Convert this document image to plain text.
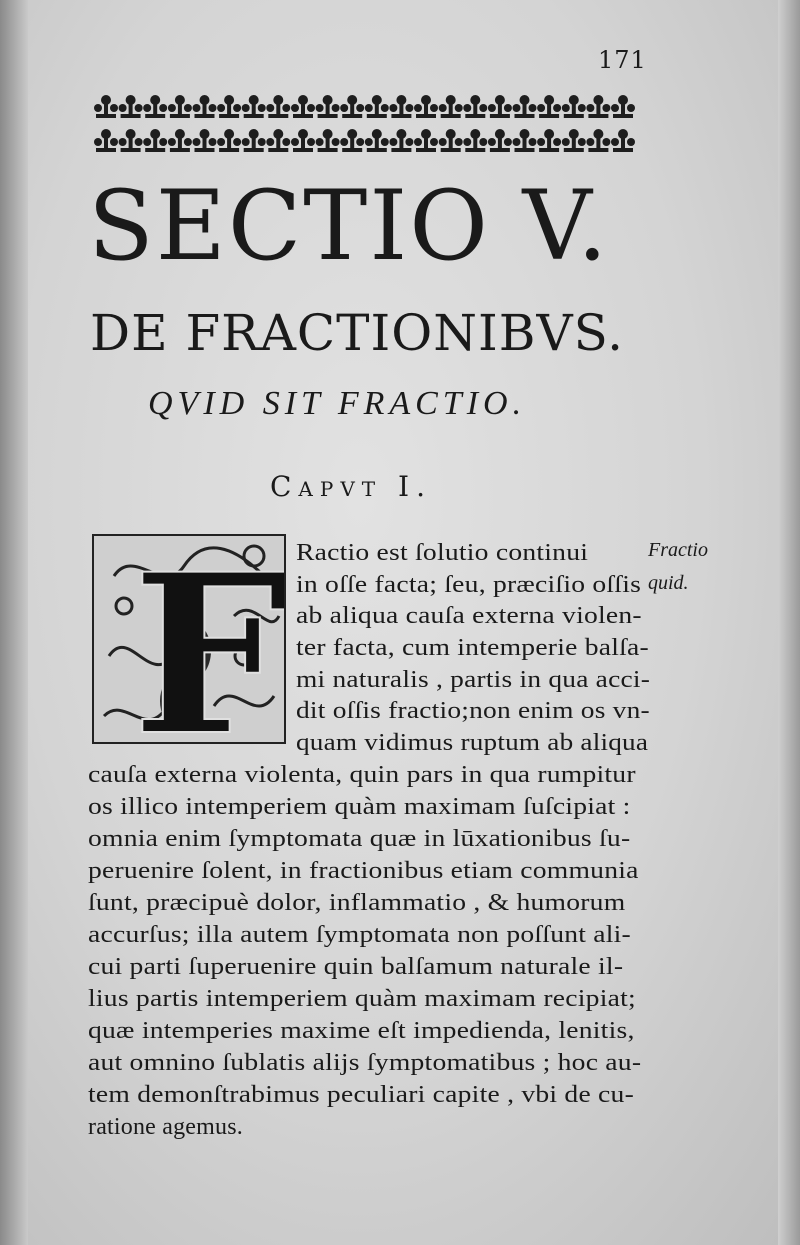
171
SECTIO V.
DE FRACTIONIBVS.
QVID SIT FRACTIO.
Capvt I.
F Ractio est ſolutio continui
in oſſe facta; ſeu, præciſio oſſis
ab aliqua cauſa externa violen-
ter facta, cum intemperie balſa-
mi naturalis , partis in qua acci-
dit oſſis fractio;non enim os vn-
quam vidimus ruptum ab aliqua
cauſa externa violenta, quin pars in qua rumpitur
os illico intemperiem quàm maximam ſuſcipiat :
omnia enim ſymptomata quæ in lūxationibus ſu-
peruenire ſolent, in fractionibus etiam communia
ſunt, præcipuè dolor, inflammatio , & humorum
accurſus; illa autem ſymptomata non poſſunt ali-
cui parti ſuperuenire quin balſamum naturale il-
lius partis intemperiem quàm maximam recipiat;
quæ intemperies maxime eſt impedienda, lenitis,
aut omnino ſublatis alijs ſymptomatibus ; hoc au-
tem demonſtrabimus peculiari capite , vbi de cu-
ratione agemus.
Fractio
quid.
